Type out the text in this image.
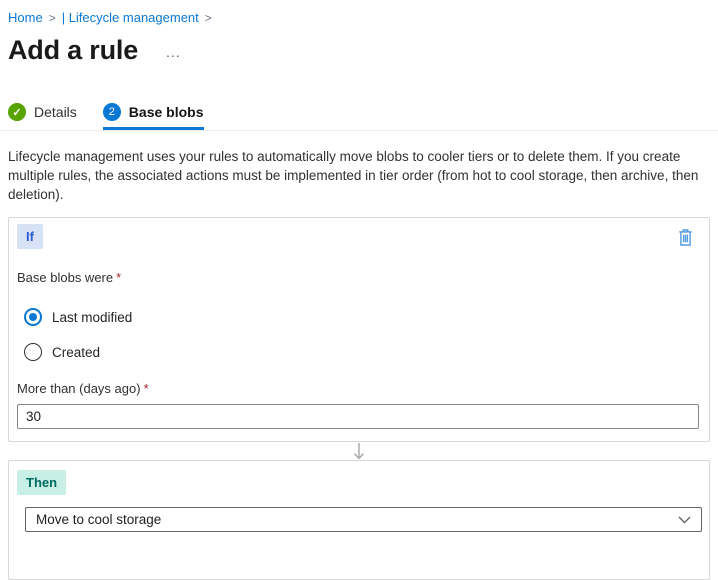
Home > | Lifecycle management >
Add a rule ...
✓ Details	2 Base blobs

Lifecycle management uses your rules to automatically move blobs to cooler tiers or to delete them. If you create multiple rules, the associated actions must be implemented in tier order (from hot to cool storage, then archive, then deletion).

If
Base blobs were *
Last modified
Created
More than (days ago) *
30
Then
Move to cool storage
